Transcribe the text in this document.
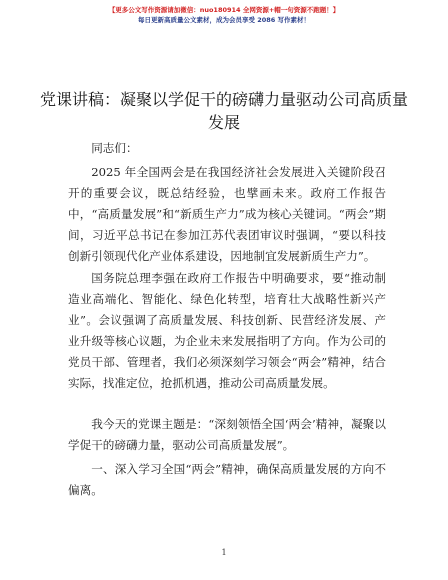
【更多公文写作资源请加微信：nuo180914 全网资源+帽一句资源不跑题！】
每日更新高质量公文素材，成为会员享受 2086 写作素材！
党课讲稿：凝聚以学促干的磅礴力量驱动公司高质量发展
同志们：
2025 年全国两会是在我国经济社会发展进入关键阶段召开的重要会议，既总结经验，也擘画未来。政府工作报告中，“高质量发展”和“新质生产力”成为核心关键词。“两会”期间，习近平总书记在参加江苏代表团审议时强调，“要以科技创新引领现代化产业体系建设，因地制宜发展新质生产力”。
国务院总理李强在政府工作报告中明确要求，要“推动制造业高端化、智能化、绿色化转型，培育壮大战略性新兴产业”。会议强调了高质量发展、科技创新、民营经济发展、产业升级等核心议题，为企业未来发展指明了方向。作为公司的党员干部、管理者，我们必须深刻学习领会“两会”精神，结合实际，找准定位，抢抓机遇，推动公司高质量发展。
我今天的党课主题是：“深刻领悟全国‘两会’精神，凝聚以学促干的磅礴力量，驱动公司高质量发展”。
一、深入学习全国“两会”精神，确保高质量发展的方向不偏离。
1
